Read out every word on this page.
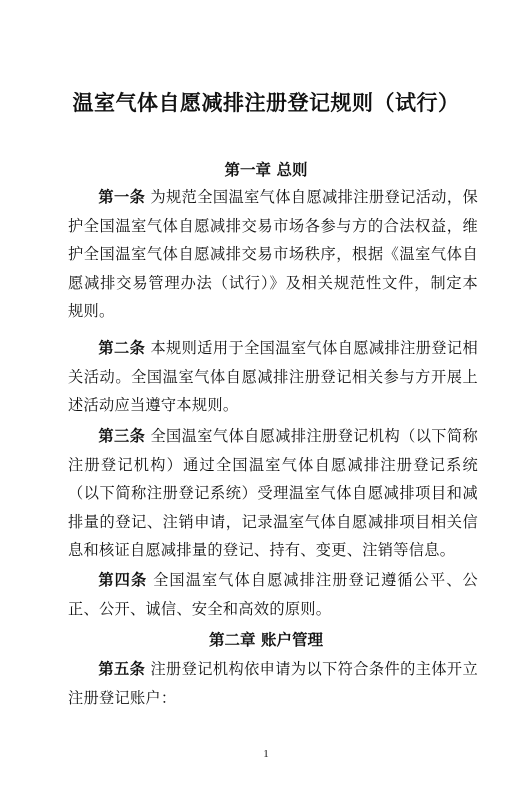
温室气体自愿减排注册登记规则（试行）
第一章 总则
第一条 为规范全国温室气体自愿减排注册登记活动，保护全国温室气体自愿减排交易市场各参与方的合法权益，维护全国温室气体自愿减排交易市场秩序，根据《温室气体自愿减排交易管理办法（试行）》及相关规范性文件，制定本规则。
第二条 本规则适用于全国温室气体自愿减排注册登记相关活动。全国温室气体自愿减排注册登记相关参与方开展上述活动应当遵守本规则。
第三条 全国温室气体自愿减排注册登记机构（以下简称注册登记机构）通过全国温室气体自愿减排注册登记系统（以下简称注册登记系统）受理温室气体自愿减排项目和减排量的登记、注销申请，记录温室气体自愿减排项目相关信息和核证自愿减排量的登记、持有、变更、注销等信息。
第四条 全国温室气体自愿减排注册登记遵循公平、公正、公开、诚信、安全和高效的原则。
第二章 账户管理
第五条 注册登记机构依申请为以下符合条件的主体开立注册登记账户：
1
